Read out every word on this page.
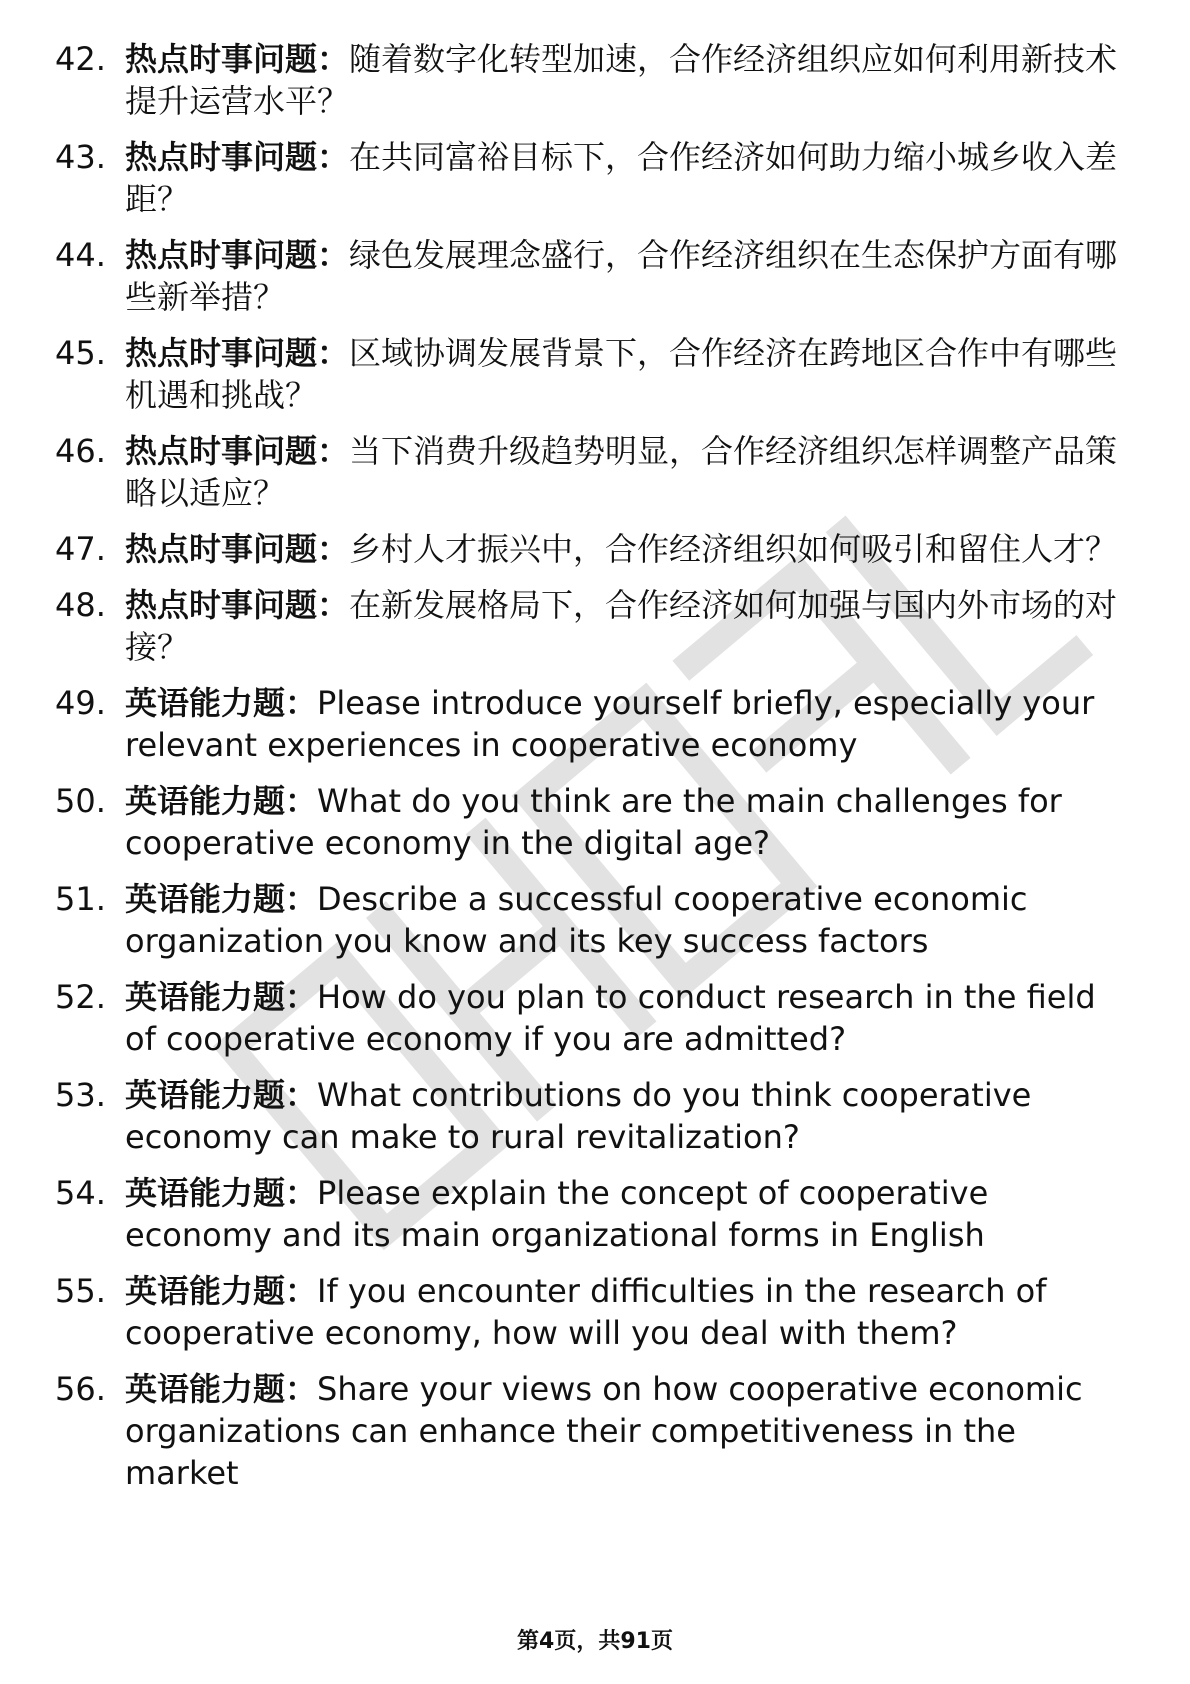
42. 热点时事问题：随着数字化转型加速，合作经济组织应如何利用新技术提升运营水平？
43. 热点时事问题：在共同富裕目标下，合作经济如何助力缩小城乡收入差距？
44. 热点时事问题：绿色发展理念盛行，合作经济组织在生态保护方面有哪些新举措？
45. 热点时事问题：区域协调发展背景下，合作经济在跨地区合作中有哪些机遇和挑战？
46. 热点时事问题：当下消费升级趋势明显，合作经济组织怎样调整产品策略以适应？
47. 热点时事问题：乡村人才振兴中，合作经济组织如何吸引和留住人才？
48. 热点时事问题：在新发展格局下，合作经济如何加强与国内外市场的对接？
49. 英语能力题：Please introduce yourself briefly, especially your relevant experiences in cooperative economy
50. 英语能力题：What do you think are the main challenges for cooperative economy in the digital age?
51. 英语能力题：Describe a successful cooperative economic organization you know and its key success factors
52. 英语能力题：How do you plan to conduct research in the field of cooperative economy if you are admitted?
53. 英语能力题：What contributions do you think cooperative economy can make to rural revitalization?
54. 英语能力题：Please explain the concept of cooperative economy and its main organizational forms in English
55. 英语能力题：If you encounter difficulties in the research of cooperative economy, how will you deal with them?
56. 英语能力题：Share your views on how cooperative economic organizations can enhance their competitiveness in the market
第4页，共91页
